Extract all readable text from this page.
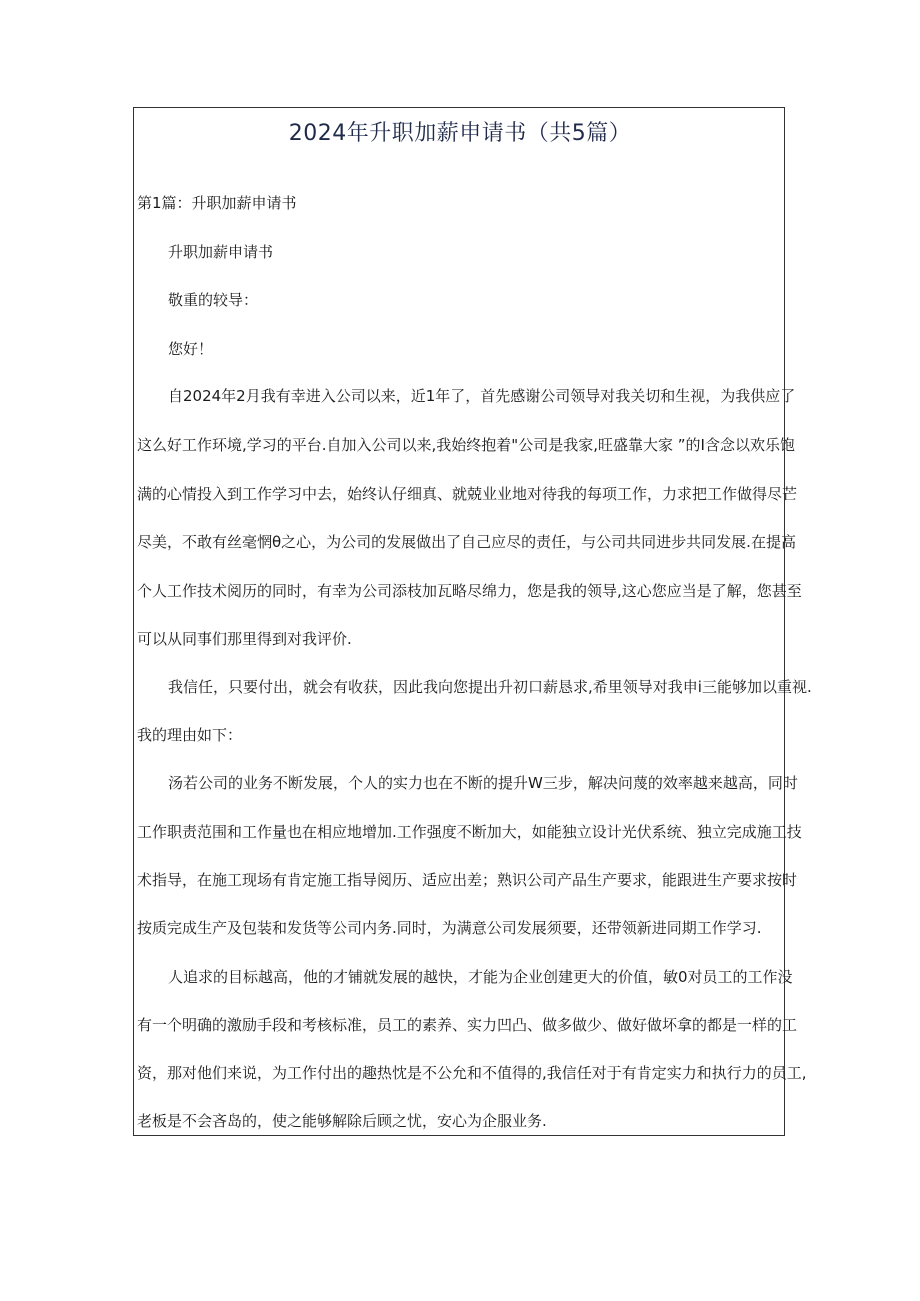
2024年升职加薪申请书（共5篇）

第1篇：升职加薪申请书

升职加薪申请书

敬重的较导：

您好！

自2024年2月我有幸进入公司以来，近1年了，首先感谢公司领导对我关切和生视，为我供应了

这么好工作环境,学习的平台.自加入公司以来,我始终抱着"公司是我家,旺盛靠大家 ”的I含念以欢乐饱

满的心情投入到工作学习中去，始终认仔细真、就兢业业地对待我的每项工作，力求把工作做得尽芒

尽美，不敢有丝毫惘θ之心，为公司的发展做出了自己应尽的责任，与公司共同进步共同发展.在提高

个人工作技术阅历的同时，有幸为公司添枝加瓦略尽绵力，您是我的领导,这心您应当是了解，您甚至

可以从同事们那里得到对我评价.

我信任，只要付出，就会有收获，因此我向您提出升初口薪恳求,希里领导对我申i三能够加以重视.

我的理由如下：

汤若公司的业务不断发展，个人的实力也在不断的提升W三步，解决问蔑的效率越来越高，同时

工作职责范围和工作量也在相应地增加.工作强度不断加大，如能独立设计光伏系统、独立完成施工技

术指导，在施工现场有肯定施工指导阅历、适应出差；熟识公司产品生产要求，能跟进生产要求按时

按质完成生产及包装和发货等公司内务.同时，为满意公司发展须要，还带领新进同期工作学习.

人追求的目标越高，他的才铺就发展的越快，才能为企业创建更大的价值，敏0对员工的工作没

有一个明确的激励手段和考核标准，员工的素养、实力凹凸、做多做少、做好做坏拿的都是一样的工

资，那对他们来说，为工作付出的趣热忱是不公允和不值得的,我信任对于有肯定实力和执行力的员工,

老板是不会吝岛的，使之能够解除后顾之忧，安心为企服业务.
